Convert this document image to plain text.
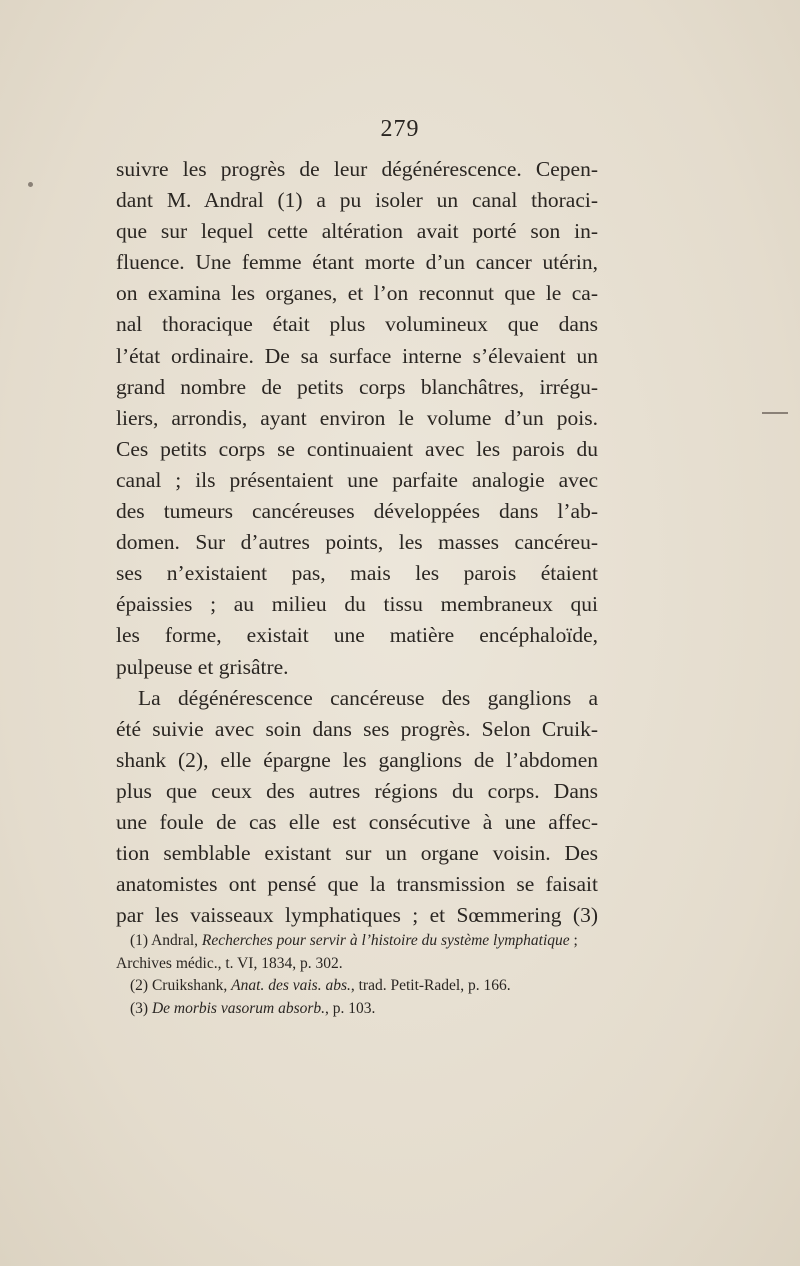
279
suivre les progrès de leur dégénérescence. Cepen-
dant M. Andral (1) a pu isoler un canal thoraci-
que sur lequel cette altération avait porté son in-
fluence. Une femme étant morte d’un cancer utérin,
on examina les organes, et l’on reconnut que le ca-
nal thoracique était plus volumineux que dans
l’état ordinaire. De sa surface interne s’élevaient un
grand nombre de petits corps blanchâtres, irrégu-
liers, arrondis, ayant environ le volume d’un pois.
Ces petits corps se continuaient avec les parois du
canal ; ils présentaient une parfaite analogie avec
des tumeurs cancéreuses développées dans l’ab-
domen. Sur d’autres points, les masses cancéreu-
ses n’existaient pas, mais les parois étaient
épaissies ; au milieu du tissu membraneux qui
les forme, existait une matière encéphaloïde,
pulpeuse et grisâtre.
La dégénérescence cancéreuse des ganglions a
été suivie avec soin dans ses progrès. Selon Cruik-
shank (2), elle épargne les ganglions de l’abdomen
plus que ceux des autres régions du corps. Dans
une foule de cas elle est consécutive à une affec-
tion semblable existant sur un organe voisin. Des
anatomistes ont pensé que la transmission se faisait
par les vaisseaux lymphatiques ; et Sœmmering (3)
(1) Andral, Recherches pour servir à l’histoire du système lymphatique ;
Archives médic., t. VI, 1834, p. 302.
(2) Cruikshank, Anat. des vais. abs., trad. Petit-Radel, p. 166.
(3) De morbis vasorum absorb., p. 103.
